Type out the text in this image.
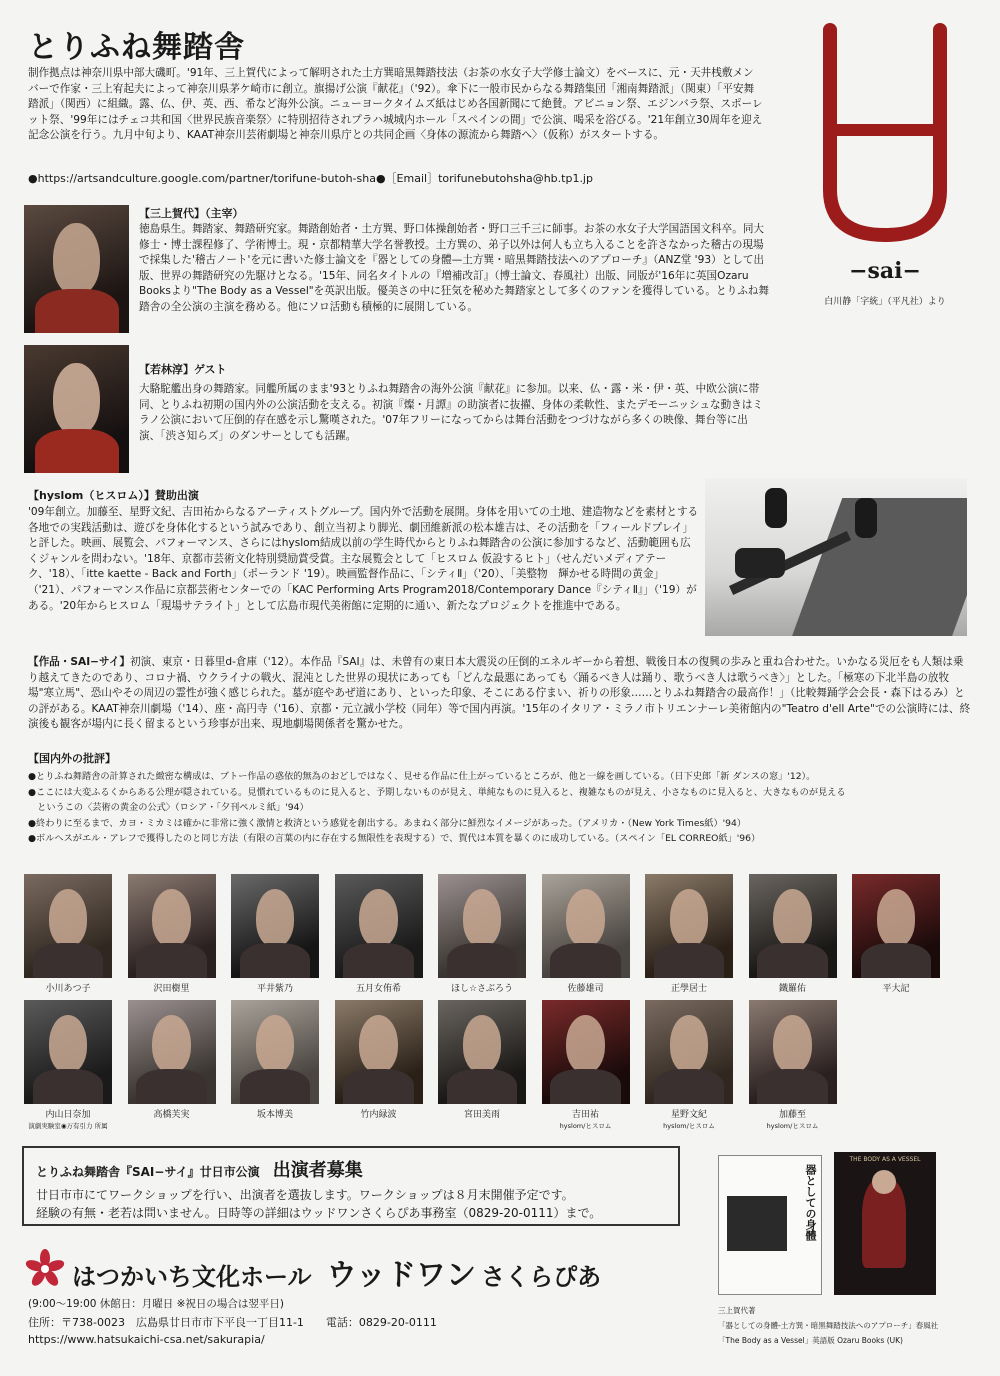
とりふね舞踏舎

制作拠点は神奈川県中部大磯町。'91年、三上賀代によって解明された土方巽暗黒舞踏技法（お茶の水女子大学修士論文）をベースに、元・天井桟敷メンバーで作家・三上宥起夫によって神奈川県茅ケ崎市に創立。旗揚げ公演『献花』（'92）。傘下に一般市民からなる舞踏集団「湘南舞踏派」（関東）「平安舞踏派」（関西）に組織。露、仏、伊、英、西、希など海外公演。ニューヨークタイムズ紙はじめ各国新聞にて絶賛。アビニョン祭、エジンバラ祭、スポーレット祭、'99年にはチェコ共和国〈世界民族音楽祭〉に特別招待されプラハ城城内ホール「スペインの間」で公演、喝采を浴びる。'21年創立30周年を迎え記念公演を行う。九月中旬より、KAAT神奈川芸術劇場と神奈川県庁との共同企画〈身体の源流から舞踏へ〉（仮称）がスタートする。

●https://artsandculture.google.com/partner/torifune-butoh-sha●［Email］torifunebutohsha@hb.tp1.jp

−sai−
白川静「字統」（平凡社）より

【三上賀代】（主宰）

徳島県生。舞踏家、舞踏研究家。舞踏創始者・土方巽、野口体操創始者・野口三千三に師事。お茶の水女子大学国語国文科卒。同大修士・博士課程修了、学術博士。現・京都精華大学名誉教授。土方巽の、弟子以外は何人も立ち入ることを許さなかった稽古の現場で採集した'稽古ノート'を元に書いた修士論文を『器としての身體—土方巽・暗黒舞踏技法へのアプローチ』（ANZ堂 '93）として出版、世界の舞踏研究の先駆けとなる。'15年、同名タイトルの『増補改訂』（博士論文、春風社）出版、同版が'16年に英国Ozaru Booksより"The Body as a Vessel"を英訳出版。優美さの中に狂気を秘めた舞踏家として多くのファンを獲得している。とりふね舞踏舎の全公演の主演を務める。他にソロ活動も積極的に展開している。

【若林淳】ゲスト

大駱駝艦出身の舞踏家。同艦所属のまま'93とりふね舞踏舎の海外公演『献花』に参加。以来、仏・露・米・伊・英、中欧公演に帯同、とりふね初期の国内外の公演活動を支える。初演『燦・月譚』の助演者に抜擢、身体の柔軟性、またデモーニッシュな動きはミラノ公演において圧倒的存在感を示し驚嘆された。'07年フリーになってからは舞台活動をつづけながら多くの映像、舞台等に出演、「渋さ知らズ」のダンサーとしても活躍。

【hyslom（ヒスロム）】賛助出演

'09年創立。加藤至、星野文紀、吉田祐からなるアーティストグループ。国内外で活動を展開。身体を用いての土地、建造物などを素材とする各地での実践活動は、遊びを身体化するという試みであり、創立当初より脚光、劇団維新派の松本雄吉は、その活動を「フィールドプレイ」と評した。映画、展覧会、パフォーマンス、さらにはhyslom結成以前の学生時代からとりふね舞踏舎の公演に参加するなど、活動範囲も広くジャンルを問わない。'18年、京都市芸術文化特別奨励賞受賞。主な展覧会として「ヒスロム 仮設するヒト」（せんだいメディアテーク、'18）、「itte kaette - Back and Forth」（ポーランド '19）。映画監督作品に、「シティⅡ」（'20）、「美整物　輝かせる時間の黄金」（'21）、パフォーマンス作品に京都芸術センターでの「KAC Performing Arts Program2018/Contemporary Dance『シティⅡ』」（'19）がある。'20年からヒスロム「現場サテライト」として広島市現代美術館に定期的に通い、新たなプロジェクトを推進中である。

【作品・SAI−サイ】初演、東京・日暮里d-倉庫（'12）。本作品『SAI』は、未曾有の東日本大震災の圧倒的エネルギーから着想、戦後日本の復興の歩みと重ね合わせた。いかなる災厄をも人類は乗り越えてきたのであり、コロナ禍、ウクライナの戦火、混沌とした世界の現状にあっても「どんな最悪にあっても〈踊るべき人は踊り、歌うべき人は歌うべき〉」とした。「極寒の下北半島の放牧場"寒立馬"、恐山やその周辺の霊性が強く感じられた。墓が庭やあぜ道にあり、といった印象、そこにある佇まい、祈りの形象……とりふね舞踏舎の最高作！」（比較舞踊学会会長・森下はるみ）との評がある。KAAT神奈川劇場（'14）、座・高円寺（'16）、京都・元立誠小学校（同年）等で国内再演。'15年のイタリア・ミラノ市トリエンナーレ美術館内の"Teatro d'ell Arte"での公演時には、終演後も観客が場内に長く留まるという珍事が出来、現地劇場関係者を驚かせた。

【国内外の批評】

●とりふね舞踏舎の計算された緻密な構成は、ブトー作品の惑依的無為のおどしではなく、見せる作品に仕上がっているところが、他と一線を画している。（日下史郎「新 ダンスの窓」'12）。

●ここには大変ふるくからある公理が隠されている。見慣れているものに見入ると、予期しないものが見え、単純なものに見入ると、複雑なものが見え、小さなものに見入ると、大きなものが見える

　というこの〈芸術の黄金の公式〉（ロシア・「夕刊ペルミ紙」'94）

●終わりに至るまで、カヨ・ミカミは確かに非常に強く激情と救済という感覚を創出する。あまねく部分に鮮烈なイメージがあった。（アメリカ・（New York Times紙）'94）

●ボルヘスがエル・アレフで獲得したのと同じ方法（有限の言葉の内に存在する無限性を表現する）で、賀代は本質を暴くのに成功している。（スペイン「EL CORREO紙」'96）

小川あつ子	沢田樹里	平井紫乃	五月女侑希	ほし☆さぶろう	佐藤雄司	正學居士	鐵羅佑	平大記
内山日奈加
演劇実験室◉万有引力 所属
高橋芙実	坂本博美	竹内緑波	宮田美雨	吉田祐
hyslom/ヒスロム
星野文紀
hyslom/ヒスロム
加藤至
hyslom/ヒスロム
とりふね舞踏舎『SAI−サイ』廿日市公演 出演者募集

廿日市市にてワークショップを行い、出演者を選抜します。ワークショップは８月末開催予定です。

経験の有無・老若は問いません。日時等の詳細はウッドワンさくらぴあ事務室（0829-20-0111）まで。

はつかいち文化ホール ウッドワン さくらぴあ

(9:00〜19:00 休館日：月曜日 ※祝日の場合は翌平日)

住所：〒738-0023　広島県廿日市市下平良一丁目11-1　　電話：0829-20-0111

https://www.hatsukaichi-csa.net/sakurapia/

器としての身體
THE BODY AS A VESSEL

三上賀代著

「器としての身體-土方巽・暗黒舞踏技法へのアプローチ」春風社

「The Body as a Vessel」英語版 Ozaru Books (UK)
